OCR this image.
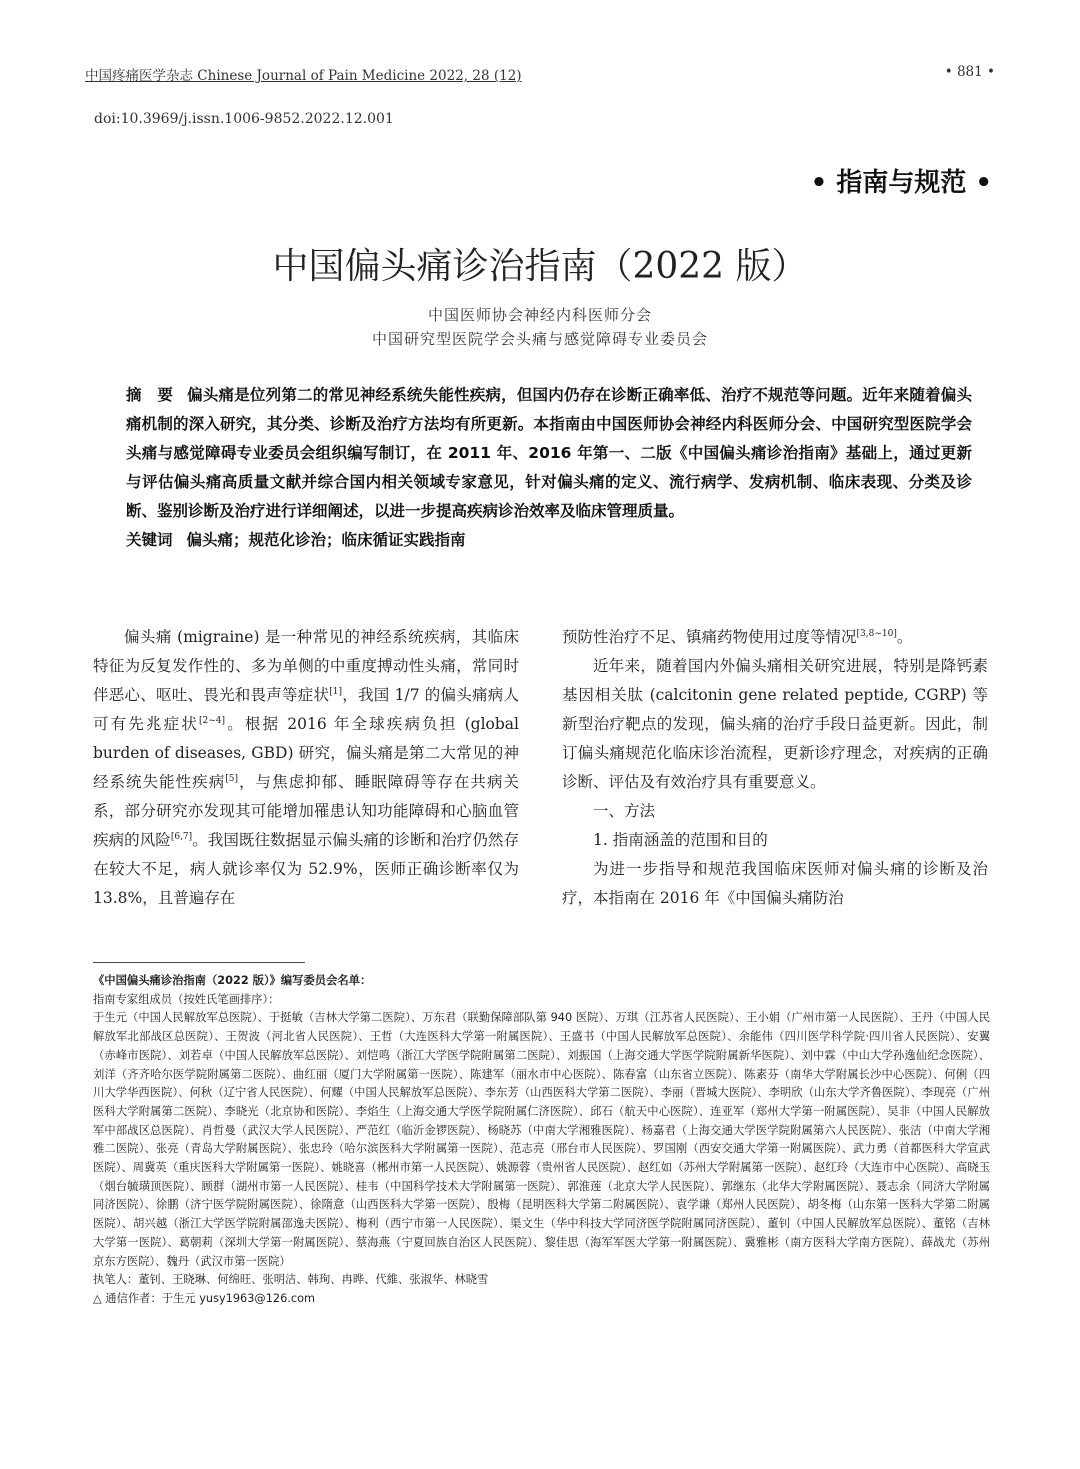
中国疼痛医学杂志 Chinese Journal of Pain Medicine 2022, 28 (12)	• 881 •
doi:10.3969/j.issn.1006-9852.2022.12.001
• 指南与规范 •
中国偏头痛诊治指南（2022 版）
中国医师协会神经内科医师分会
中国研究型医院学会头痛与感觉障碍专业委员会

摘　要 偏头痛是位列第二的常见神经系统失能性疾病，但国内仍存在诊断正确率低、治疗不规范等问题。近年来随着偏头痛机制的深入研究，其分类、诊断及治疗方法均有所更新。本指南由中国医师协会神经内科医师分会、中国研究型医院学会头痛与感觉障碍专业委员会组织编写制订，在 2011 年、2016 年第一、二版《中国偏头痛诊治指南》基础上，通过更新与评估偏头痛高质量文献并综合国内相关领域专家意见，针对偏头痛的定义、流行病学、发病机制、临床表现、分类及诊断、鉴别诊断及治疗进行详细阐述，以进一步提高疾病诊治效率及临床管理质量。

关键词 偏头痛；规范化诊治；临床循证实践指南

偏头痛 (migraine) 是一种常见的神经系统疾病，其临床特征为反复发作性的、多为单侧的中重度搏动性头痛，常同时伴恶心、呕吐、畏光和畏声等症状[1]，我国 1/7 的偏头痛病人可有先兆症状[2~4]。根据 2016 年全球疾病负担 (global burden of diseases, GBD) 研究，偏头痛是第二大常见的神经系统失能性疾病[5]，与焦虑抑郁、睡眠障碍等存在共病关系，部分研究亦发现其可能增加罹患认知功能障碍和心脑血管疾病的风险[6,7]。我国既往数据显示偏头痛的诊断和治疗仍然存在较大不足，病人就诊率仅为 52.9%，医师正确诊断率仅为 13.8%，且普遍存在

预防性治疗不足、镇痛药物使用过度等情况[3,8~10]。

近年来，随着国内外偏头痛相关研究进展，特别是降钙素基因相关肽 (calcitonin gene related peptide, CGRP) 等新型治疗靶点的发现，偏头痛的治疗手段日益更新。因此，制订偏头痛规范化临床诊治流程，更新诊疗理念，对疾病的正确诊断、评估及有效治疗具有重要意义。

一、方法

1. 指南涵盖的范围和目的

为进一步指导和规范我国临床医师对偏头痛的诊断及治疗，本指南在 2016 年《中国偏头痛防治

《中国偏头痛诊治指南（2022 版）》编写委员会名单：

指南专家组成员（按姓氏笔画排序）：

于生元（中国人民解放军总医院）、于挺敏（吉林大学第二医院）、万东君（联勤保障部队第 940 医院）、万琪（江苏省人民医院）、王小娟（广州市第一人民医院）、王丹（中国人民解放军北部战区总医院）、王贺波（河北省人民医院）、王哲（大连医科大学第一附属医院）、王盛书（中国人民解放军总医院）、余能伟（四川医学科学院·四川省人民医院）、安翼（赤峰市医院）、刘若卓（中国人民解放军总医院）、刘恺鸣（浙江大学医学院附属第二医院）、刘振国（上海交通大学医学院附属新华医院）、刘中霖（中山大学孙逸仙纪念医院）、刘洋（齐齐哈尔医学院附属第二医院）、曲红丽（厦门大学附属第一医院）、陈建军（丽水市中心医院）、陈春富（山东省立医院）、陈素芬（南华大学附属长沙中心医院）、何俐（四川大学华西医院）、何秋（辽宁省人民医院）、何耀（中国人民解放军总医院）、李东芳（山西医科大学第二医院）、李丽（晋城大医院）、李明欣（山东大学齐鲁医院）、李现亮（广州医科大学附属第二医院）、李晓光（北京协和医院）、李焰生（上海交通大学医学院附属仁济医院）、邱石（航天中心医院）、连亚军（郑州大学第一附属医院）、吴非（中国人民解放军中部战区总医院）、肖哲曼（武汉大学人民医院）、严范红（临沂金锣医院）、杨晓苏（中南大学湘雅医院）、杨嘉君（上海交通大学医学院附属第六人民医院）、张洁（中南大学湘雅二医院）、张亮（青岛大学附属医院）、张忠玲（哈尔滨医科大学附属第一医院）、范志亮（邢台市人民医院）、罗国刚（西安交通大学第一附属医院）、武力勇（首都医科大学宣武医院）、周冀英（重庆医科大学附属第一医院）、姚晓喜（郴州市第一人民医院）、姚源蓉（贵州省人民医院）、赵红如（苏州大学附属第一医院）、赵红玲（大连市中心医院）、高晓玉（烟台毓璜顶医院）、顾群（湖州市第一人民医院）、桂韦（中国科学技术大学附属第一医院）、郭淮莲（北京大学人民医院）、郭继东（北华大学附属医院）、聂志余（同济大学附属同济医院）、徐鹏（济宁医学院附属医院）、徐隋意（山西医科大学第一医院）、殷梅（昆明医科大学第二附属医院）、袁学谦（郑州人民医院）、胡冬梅（山东第一医科大学第二附属医院）、胡兴越（浙江大学医学院附属邵逸夫医院）、梅利（西宁市第一人民医院）、渠文生（华中科技大学同济医学院附属同济医院）、董钊（中国人民解放军总医院）、董铭（吉林大学第一医院）、葛朝莉（深圳大学第一附属医院）、蔡海燕（宁夏回族自治区人民医院）、黎佳思（海军军医大学第一附属医院）、冀雅彬（南方医科大学南方医院）、薛战尤（苏州京东方医院）、魏丹（武汉市第一医院）

执笔人：董钊、王晓琳、何绵旺、张明洁、韩珣、冉晔、代維、张淑华、林晓雪

△ 通信作者：于生元 yusy1963@126.com
